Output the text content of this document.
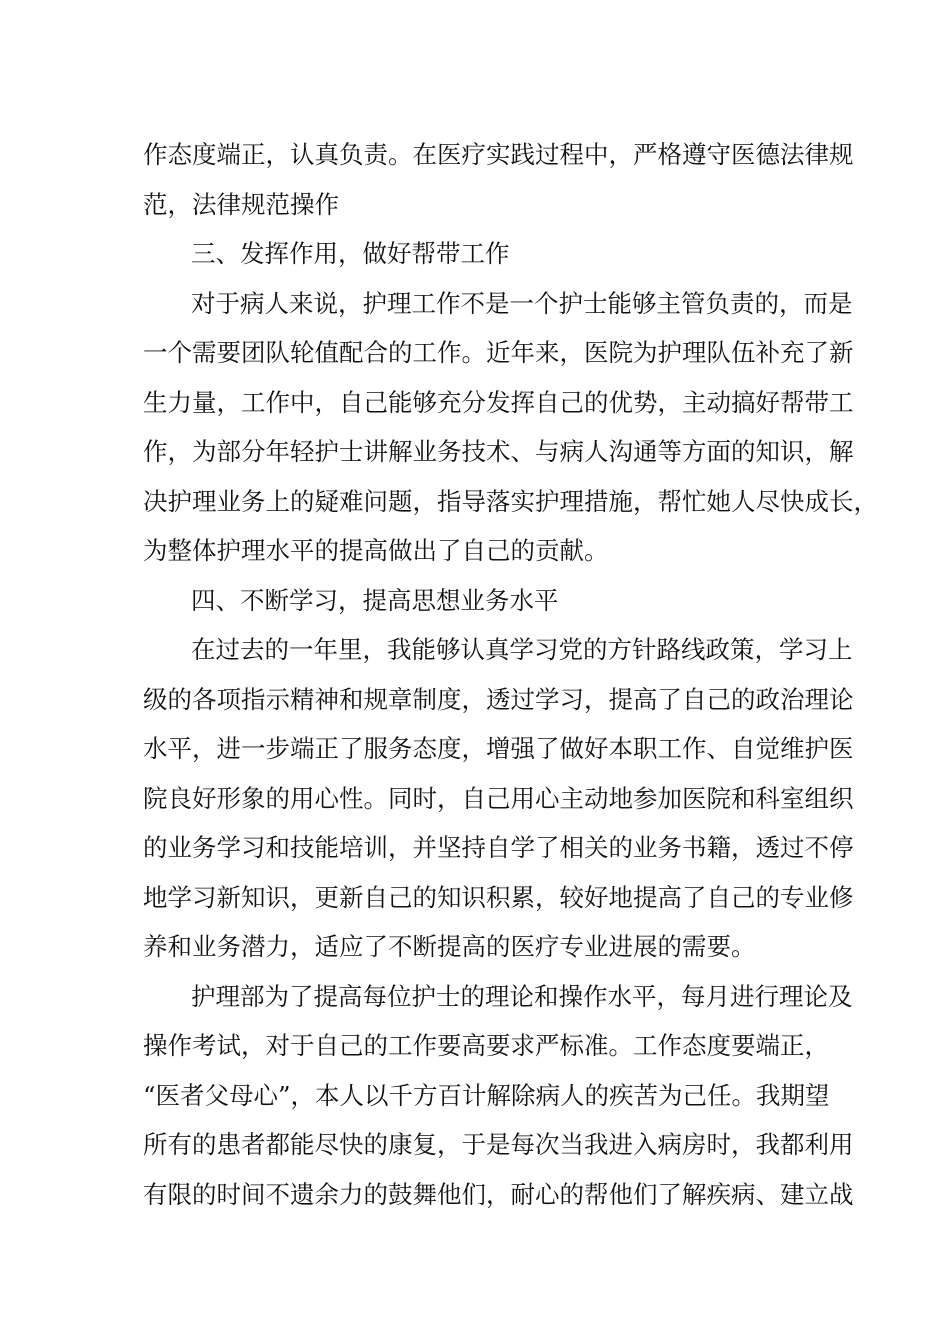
作态度端正，认真负责。在医疗实践过程中，严格遵守医德法律规

范，法律规范操作

三、发挥作用，做好帮带工作

对于病人来说，护理工作不是一个护士能够主管负责的，而是

一个需要团队轮值配合的工作。近年来，医院为护理队伍补充了新

生力量，工作中，自己能够充分发挥自己的优势，主动搞好帮带工

作，为部分年轻护士讲解业务技术、与病人沟通等方面的知识，解

决护理业务上的疑难问题，指导落实护理措施，帮忙她人尽快成长，

为整体护理水平的提高做出了自己的贡献。

四、不断学习，提高思想业务水平

在过去的一年里，我能够认真学习党的方针路线政策，学习上

级的各项指示精神和规章制度，透过学习，提高了自己的政治理论

水平，进一步端正了服务态度，增强了做好本职工作、自觉维护医

院良好形象的用心性。同时，自己用心主动地参加医院和科室组织

的业务学习和技能培训，并坚持自学了相关的业务书籍，透过不停

地学习新知识，更新自己的知识积累，较好地提高了自己的专业修

养和业务潜力，适应了不断提高的医疗专业进展的需要。

护理部为了提高每位护士的理论和操作水平，每月进行理论及

操作考试，对于自己的工作要高要求严标准。工作态度要端正，

“医者父母心”，本人以千方百计解除病人的疾苦为己任。我期望

所有的患者都能尽快的康复，于是每次当我进入病房时，我都利用

有限的时间不遗余力的鼓舞他们，耐心的帮他们了解疾病、建立战
